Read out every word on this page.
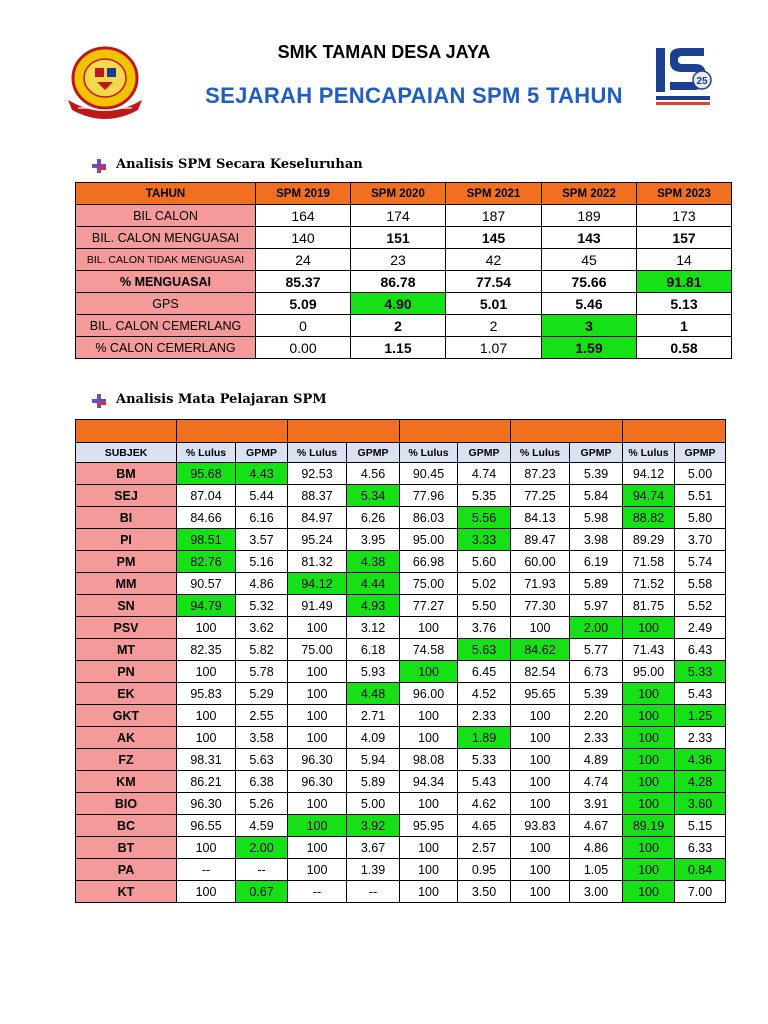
25
SMK TAMAN DESA JAYA
SEJARAH PENCAPAIAN SPM 5 TAHUN
Analisis SPM Secara Keseluruhan
TAHUN	SPM 2019	SPM 2020	SPM 2021	SPM 2022	SPM 2023
BIL CALON	164	174	187	189	173
BIL. CALON MENGUASAI	140	151	145	143	157
BIL. CALON TIDAK MENGUASAI	24	23	42	45	14
% MENGUASAI	85.37	86.78	77.54	75.66	91.81
GPS	5.09	4.90	5.01	5.46	5.13
BIL. CALON CEMERLANG	0	2	2	3	1
% CALON CEMERLANG	0.00	1.15	1.07	1.59	0.58
Analisis Mata Pelajaran SPM

SUBJEK	% Lulus	GPMP	% Lulus	GPMP	% Lulus	GPMP	% Lulus	GPMP	% Lulus	GPMP
BM	95.68	4.43	92.53	4.56	90.45	4.74	87.23	5.39	94.12	5.00
SEJ	87.04	5.44	88.37	5.34	77.96	5.35	77.25	5.84	94.74	5.51
BI	84.66	6.16	84.97	6.26	86.03	5.56	84.13	5.98	88.82	5.80
PI	98.51	3.57	95.24	3.95	95.00	3.33	89.47	3.98	89.29	3.70
PM	82.76	5.16	81.32	4.38	66.98	5.60	60.00	6.19	71.58	5.74
MM	90.57	4.86	94.12	4.44	75.00	5.02	71.93	5.89	71.52	5.58
SN	94.79	5.32	91.49	4.93	77.27	5.50	77.30	5.97	81.75	5.52
PSV	100	3.62	100	3.12	100	3.76	100	2.00	100	2.49
MT	82.35	5.82	75.00	6.18	74.58	5.63	84.62	5.77	71.43	6.43
PN	100	5.78	100	5.93	100	6.45	82.54	6.73	95.00	5.33
EK	95.83	5.29	100	4.48	96.00	4.52	95.65	5.39	100	5.43
GKT	100	2.55	100	2.71	100	2.33	100	2.20	100	1.25
AK	100	3.58	100	4.09	100	1.89	100	2.33	100	2.33
FZ	98.31	5.63	96.30	5.94	98.08	5.33	100	4.89	100	4.36
KM	86.21	6.38	96.30	5.89	94.34	5.43	100	4.74	100	4.28
BIO	96.30	5.26	100	5.00	100	4.62	100	3.91	100	3.60
BC	96.55	4.59	100	3.92	95.95	4.65	93.83	4.67	89.19	5.15
BT	100	2.00	100	3.67	100	2.57	100	4.86	100	6.33
PA	--	--	100	1.39	100	0.95	100	1.05	100	0.84
KT	100	0.67	--	--	100	3.50	100	3.00	100	7.00
